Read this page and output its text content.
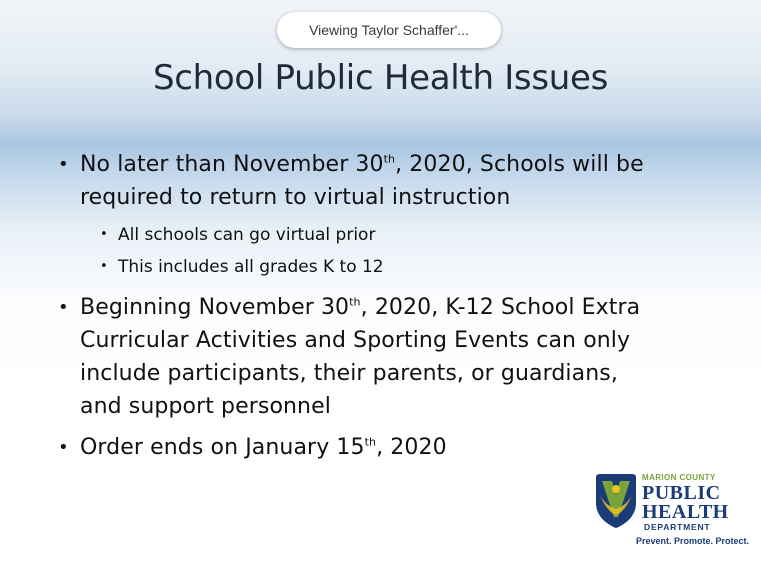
Viewing Taylor Schaffer'...
School Public Health Issues
• No later than November 30th, 2020, Schools will be
required to return to virtual instruction
• All schools can go virtual prior
• This includes all grades K to 12
• Beginning November 30th, 2020, K-12 School Extra
Curricular Activities and Sporting Events can only
include participants, their parents, or guardians,
and support personnel
• Order ends on January 15th, 2020
MARION COUNTY
PUBLIC
HEALTH
DEPARTMENT
Prevent. Promote. Protect.
